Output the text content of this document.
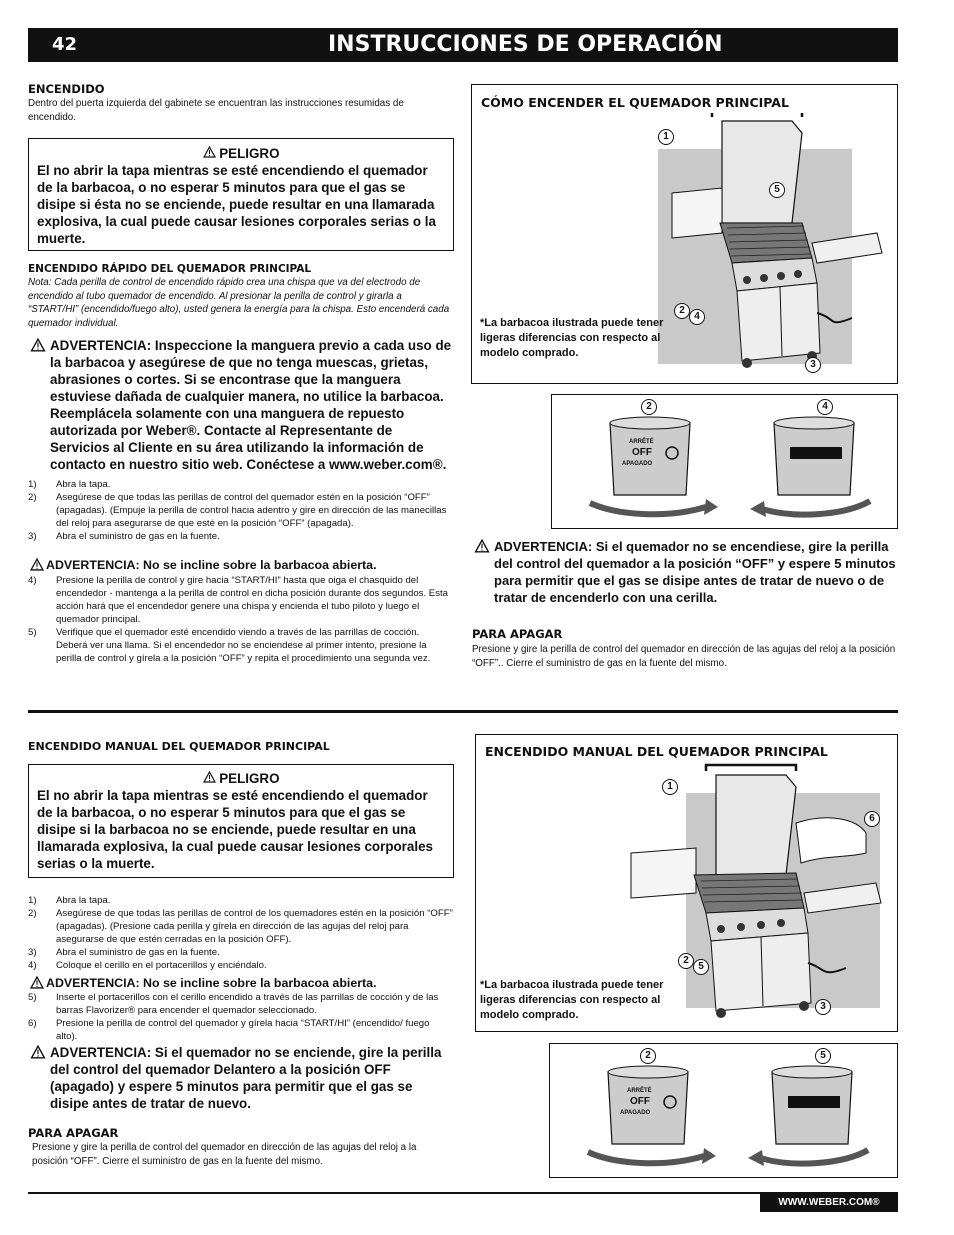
42	INSTRUCCIONES DE OPERACIÓN
ENCENDIDO
Dentro del puerta izquierda del gabinete se encuentran las instrucciones resumidas de encendido.
PELIGRO
El no abrir la tapa mientras se esté encendiendo el quemador de la barbacoa, o no esperar 5 minutos para que el gas se disipe si ésta no se enciende, puede resultar en una llamarada explosiva, la cual puede causar lesiones corporales serias o la muerte.
ENCENDIDO RÁPIDO DEL QUEMADOR PRINCIPAL
Nota: Cada perilla de control de encendido rápido crea una chispa que va del electrodo de encendido al tubo quemador de encendido. Al presionar la perilla de control y girarla a “START/HI” (encendido/fuego alto), usted genera la energía para la chispa. Esto encenderá cada quemador individual.
ADVERTENCIA: Inspeccione la manguera previo a cada uso de la barbacoa y asegúrese de que no tenga muescas, grietas, abrasiones o cortes. Si se encontrase que la manguera estuviese dañada de cualquier manera, no utilice la barbacoa. Reemplácela solamente con una manguera de repuesto autorizada por Weber®. Contacte al Representante de Servicios al Cliente en su área utilizando la información de contacto en nuestro sitio web. Conéctese a www.weber.com®.
1)	Abra la tapa.
2)	Asegúrese de que todas las perillas de control del quemador estén en la posición “OFF” (apagadas). (Empuje la perilla de control hacia adentro y gire en dirección de las manecillas del reloj para asegurarse de que esté en la posición “OFF” (apagada).
3)	Abra el suministro de gas en la fuente.
ADVERTENCIA: No se incline sobre la barbacoa abierta.
4)	Presione la perilla de control y gire hacia “START/HI” hasta que oiga el chasquido del encendedor - mantenga a la perilla de control en dicha posición durante dos segundos. Esta acción hará que el encendedor genere una chispa y encienda el tubo piloto y luego el quemador principal.
5)	Verifique que el quemador esté encendido viendo a través de las parrillas de cocción. Deberá ver una llama. Si el encendedor no se enciendese al primer intento, presione la perilla de control y gírela a la posición “OFF” y repita el procedimiento una segunda vez.
CÓMO ENCENDER EL QUEMADOR PRINCIPAL
1
5
2
4
3
*La barbacoa ilustrada puede tener ligeras diferencias con respecto al modelo comprado.
2	4
ARRÊTÉ
OFF
APAGADO
ADVERTENCIA: Si el quemador no se encendiese, gire la perilla del control del quemador a la posición “OFF” y espere 5 minutos para permitir que el gas se disipe antes de tratar de nuevo o de tratar de encenderlo con una cerilla.
PARA APAGAR
Presione y gire la perilla de control del quemador en dirección de las agujas del reloj a la posición “OFF”.. Cierre el suministro de gas en la fuente del mismo.
ENCENDIDO MANUAL DEL QUEMADOR PRINCIPAL
PELIGRO
El no abrir la tapa mientras se esté encendiendo el quemador de la barbacoa, o no esperar 5 minutos para que el gas se disipe si la barbacoa no se enciende, puede resultar en una llamarada explosiva, la cual puede causar lesiones corporales serias o la muerte.
1)	Abra la tapa.
2)	Asegúrese de que todas las perillas de control de los quemadores estén en la posición “OFF” (apagadas). (Presione cada perilla y gírela en dirección de las agujas del reloj para asegurarse de que estén cerradas en la posición OFF).
3)	Abra el suministro de gas en la fuente.
4)	Coloque el cerillo en el portacerillos y enciéndalo.
ADVERTENCIA: No se incline sobre la barbacoa abierta.
5)	Inserte el portacerillos con el cerillo encendido a través de las parrillas de cocción y de las barras Flavorizer® para encender el quemador seleccionado.
6)	Presione la perilla de control del quemador y gírela hacia “START/HI” (encendido/ fuego alto).
ADVERTENCIA: Si el quemador no se enciende, gire la perilla del control del quemador Delantero a la posición OFF (apagado) y espere 5 minutos para permitir que el gas se disipe antes de tratar de nuevo.
PARA APAGAR
Presione y gire la perilla de control del quemador en dirección de las agujas del reloj a la posición “OFF”. Cierre el suministro de gas en la fuente del mismo.
ENCENDIDO MANUAL DEL QUEMADOR PRINCIPAL
1
6
2
5
3
*La barbacoa ilustrada puede tener ligeras diferencias con respecto al modelo comprado.
2	5
ARRÊTÉ
OFF
APAGADO
WWW.WEBER.COM®
